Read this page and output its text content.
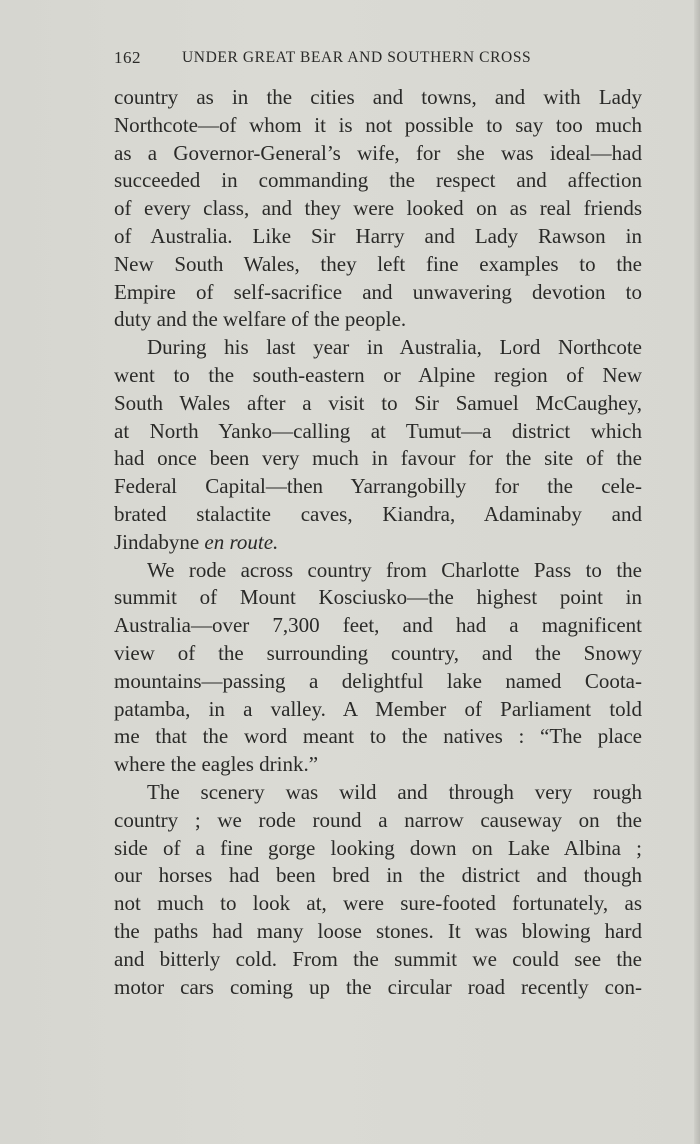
162	UNDER GREAT BEAR AND SOUTHERN CROSS
country as in the cities and towns, and with Lady
Northcote—of whom it is not possible to say too much
as a Governor-General’s wife, for she was ideal—had
succeeded in commanding the respect and affection
of every class, and they were looked on as real friends
of Australia. Like Sir Harry and Lady Rawson in
New South Wales, they left fine examples to the
Empire of self-sacrifice and unwavering devotion to
duty and the welfare of the people.
During his last year in Australia, Lord Northcote
went to the south-eastern or Alpine region of New
South Wales after a visit to Sir Samuel McCaughey,
at North Yanko—calling at Tumut—a district which
had once been very much in favour for the site of the
Federal Capital—then Yarrangobilly for the cele-
brated stalactite caves, Kiandra, Adaminaby and
Jindabyne en route.
We rode across country from Charlotte Pass to the
summit of Mount Kosciusko—the highest point in
Australia—over 7,300 feet, and had a magnificent
view of the surrounding country, and the Snowy
mountains—passing a delightful lake named Coota-
patamba, in a valley. A Member of Parliament told
me that the word meant to the natives : “The place
where the eagles drink.”
The scenery was wild and through very rough
country ; we rode round a narrow causeway on the
side of a fine gorge looking down on Lake Albina ;
our horses had been bred in the district and though
not much to look at, were sure-footed fortunately, as
the paths had many loose stones. It was blowing hard
and bitterly cold. From the summit we could see the
motor cars coming up the circular road recently con-
